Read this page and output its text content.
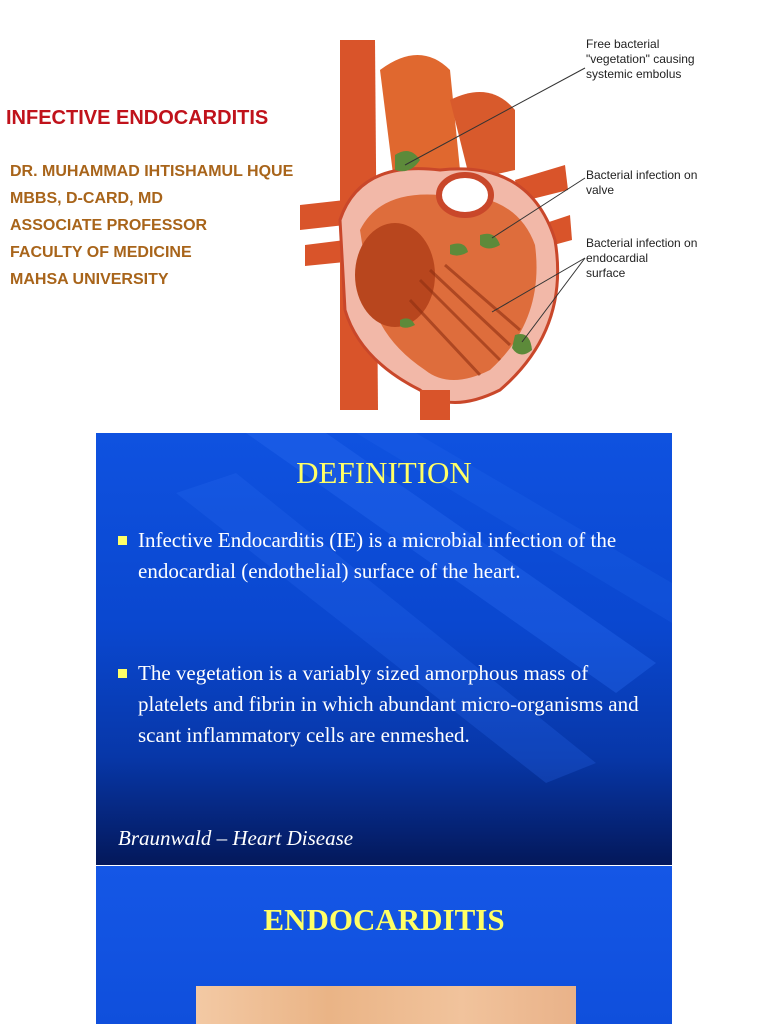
INFECTIVE ENDOCARDITIS
DR. MUHAMMAD IHTISHAMUL HQUE
MBBS, D-CARD, MD
ASSOCIATE PROFESSOR
FACULTY OF MEDICINE
MAHSA UNIVERSITY
Free bacterial
"vegetation" causing
systemic embolus
Bacterial infection on
valve
Bacterial infection on
endocardial
surface
DEFINITION
Infective Endocarditis (IE) is a microbial infection of the endocardial (endothelial) surface of the heart.
The vegetation is a variably sized amorphous mass of platelets and fibrin in which abundant micro-organisms and scant inflammatory cells are enmeshed.
Braunwald – Heart Disease
ENDOCARDITIS
